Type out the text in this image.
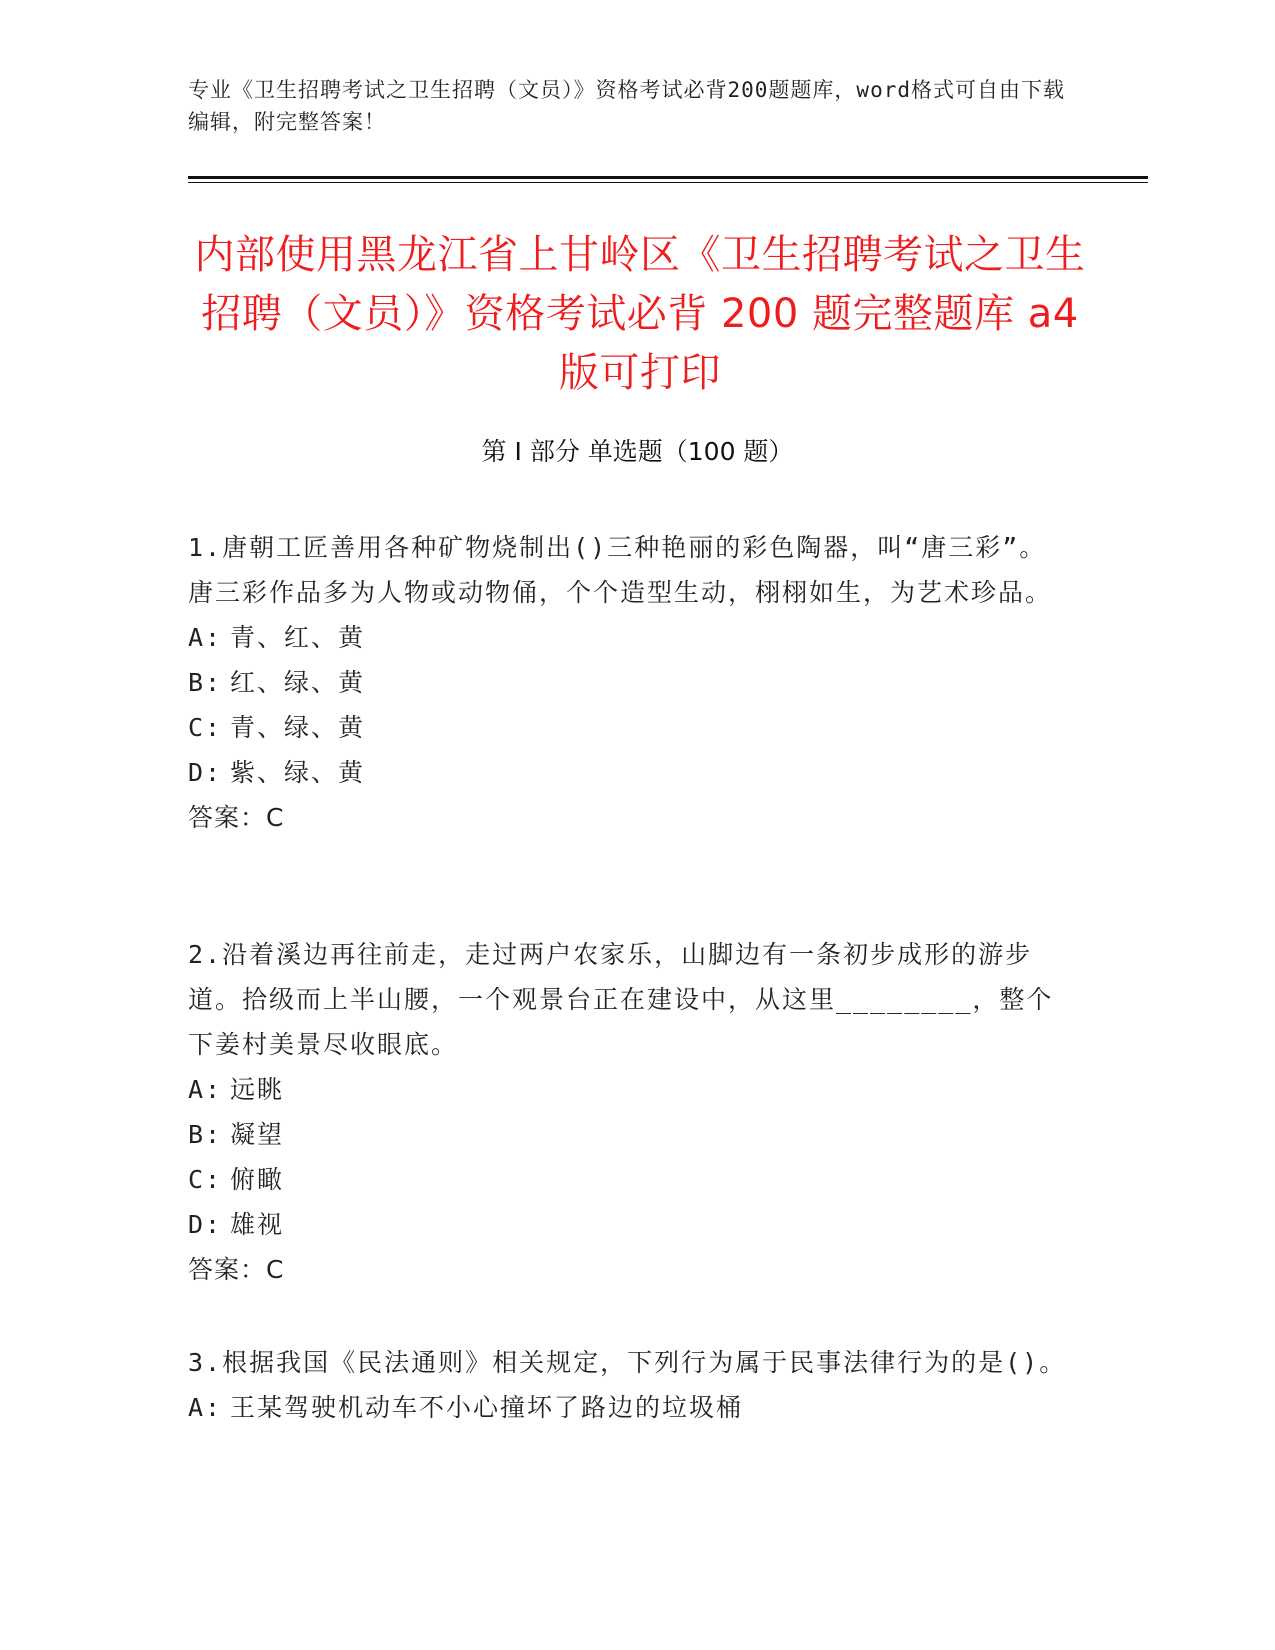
专业《卫生招聘考试之卫生招聘（文员）》资格考试必背200题题库，word格式可自由下载编辑，附完整答案！
内部使用黑龙江省上甘岭区《卫生招聘考试之卫生招聘（文员）》资格考试必背 200 题完整题库 a4 版可打印
第 I 部分 单选题（100 题）

1.唐朝工匠善用各种矿物烧制出()三种艳丽的彩色陶器，叫“唐三彩”。唐三彩作品多为人物或动物俑，个个造型生动，栩栩如生，为艺术珍品。

A: 青、红、黄

B: 红、绿、黄

C: 青、绿、黄

D: 紫、绿、黄

答案：C

2.沿着溪边再往前走，走过两户农家乐，山脚边有一条初步成形的游步道。拾级而上半山腰，一个观景台正在建设中，从这里________，整个下姜村美景尽收眼底。

A: 远眺

B: 凝望

C: 俯瞰

D: 雄视

答案：C

3.根据我国《民法通则》相关规定，下列行为属于民事法律行为的是()。

A: 王某驾驶机动车不小心撞坏了路边的垃圾桶
